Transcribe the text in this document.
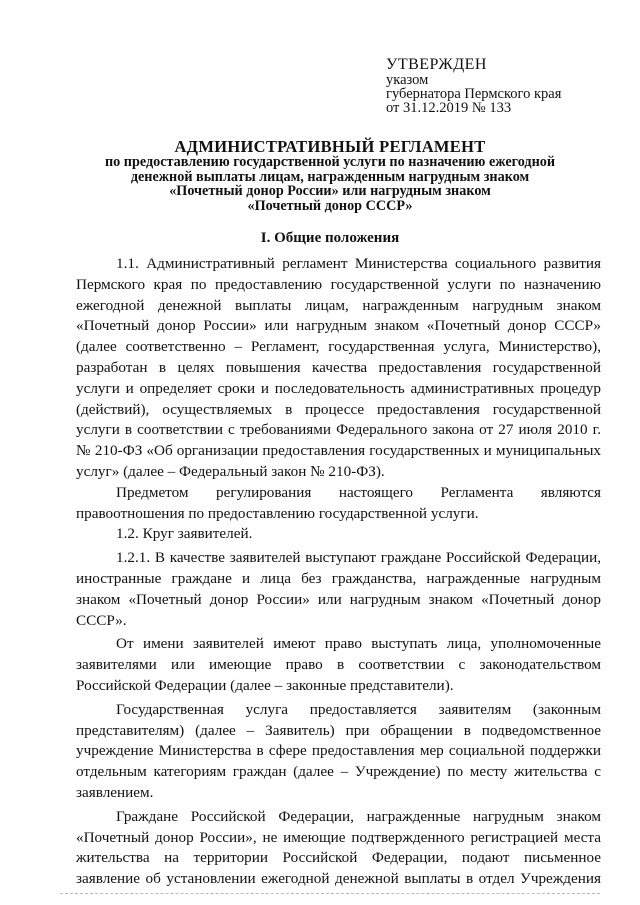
УТВЕРЖДЕН
указом
губернатора Пермского края
от 31.12.2019 № 133
АДМИНИСТРАТИВНЫЙ РЕГЛАМЕНТ
по предоставлению государственной услуги по назначению ежегодной
денежной выплаты лицам, награжденным нагрудным знаком
«Почетный донор России» или нагрудным знаком
«Почетный донор СССР»
I. Общие положения

1.1. Административный регламент Министерства социального развития Пермского края по предоставлению государственной услуги по назначению ежегодной денежной выплаты лицам, награжденным нагрудным знаком «Почетный донор России» или нагрудным знаком «Почетный донор СССР» (далее соответственно – Регламент, государственная услуга, Министерство), разработан в целях повышения качества предоставления государственной услуги и определяет сроки и последовательность административных процедур (действий), осуществляемых в процессе предоставления государственной услуги в соответствии с требованиями Федерального закона от 27 июля 2010 г. № 210-ФЗ «Об организации предоставления государственных и муниципальных услуг» (далее – Федеральный закон № 210-ФЗ).

Предметом регулирования настоящего Регламента являются правоотношения по предоставлению государственной услуги.

1.2. Круг заявителей.

1.2.1. В качестве заявителей выступают граждане Российской Федерации, иностранные граждане и лица без гражданства, награжденные нагрудным знаком «Почетный донор России» или нагрудным знаком «Почетный донор СССР».

От имени заявителей имеют право выступать лица, уполномоченные заявителями или имеющие право в соответствии с законодательством Российской Федерации (далее – законные представители).

Государственная услуга предоставляется заявителям (законным представителям) (далее – Заявитель) при обращении в подведомственное учреждение Министерства в сфере предоставления мер социальной поддержки отдельным категориям граждан (далее – Учреждение) по месту жительства с заявлением.

Граждане Российской Федерации, награжденные нагрудным знаком «Почетный донор России», не имеющие подтвержденного регистрацией места жительства на территории Российской Федерации, подают письменное заявление об установлении ежегодной денежной выплаты в отдел Учреждения
